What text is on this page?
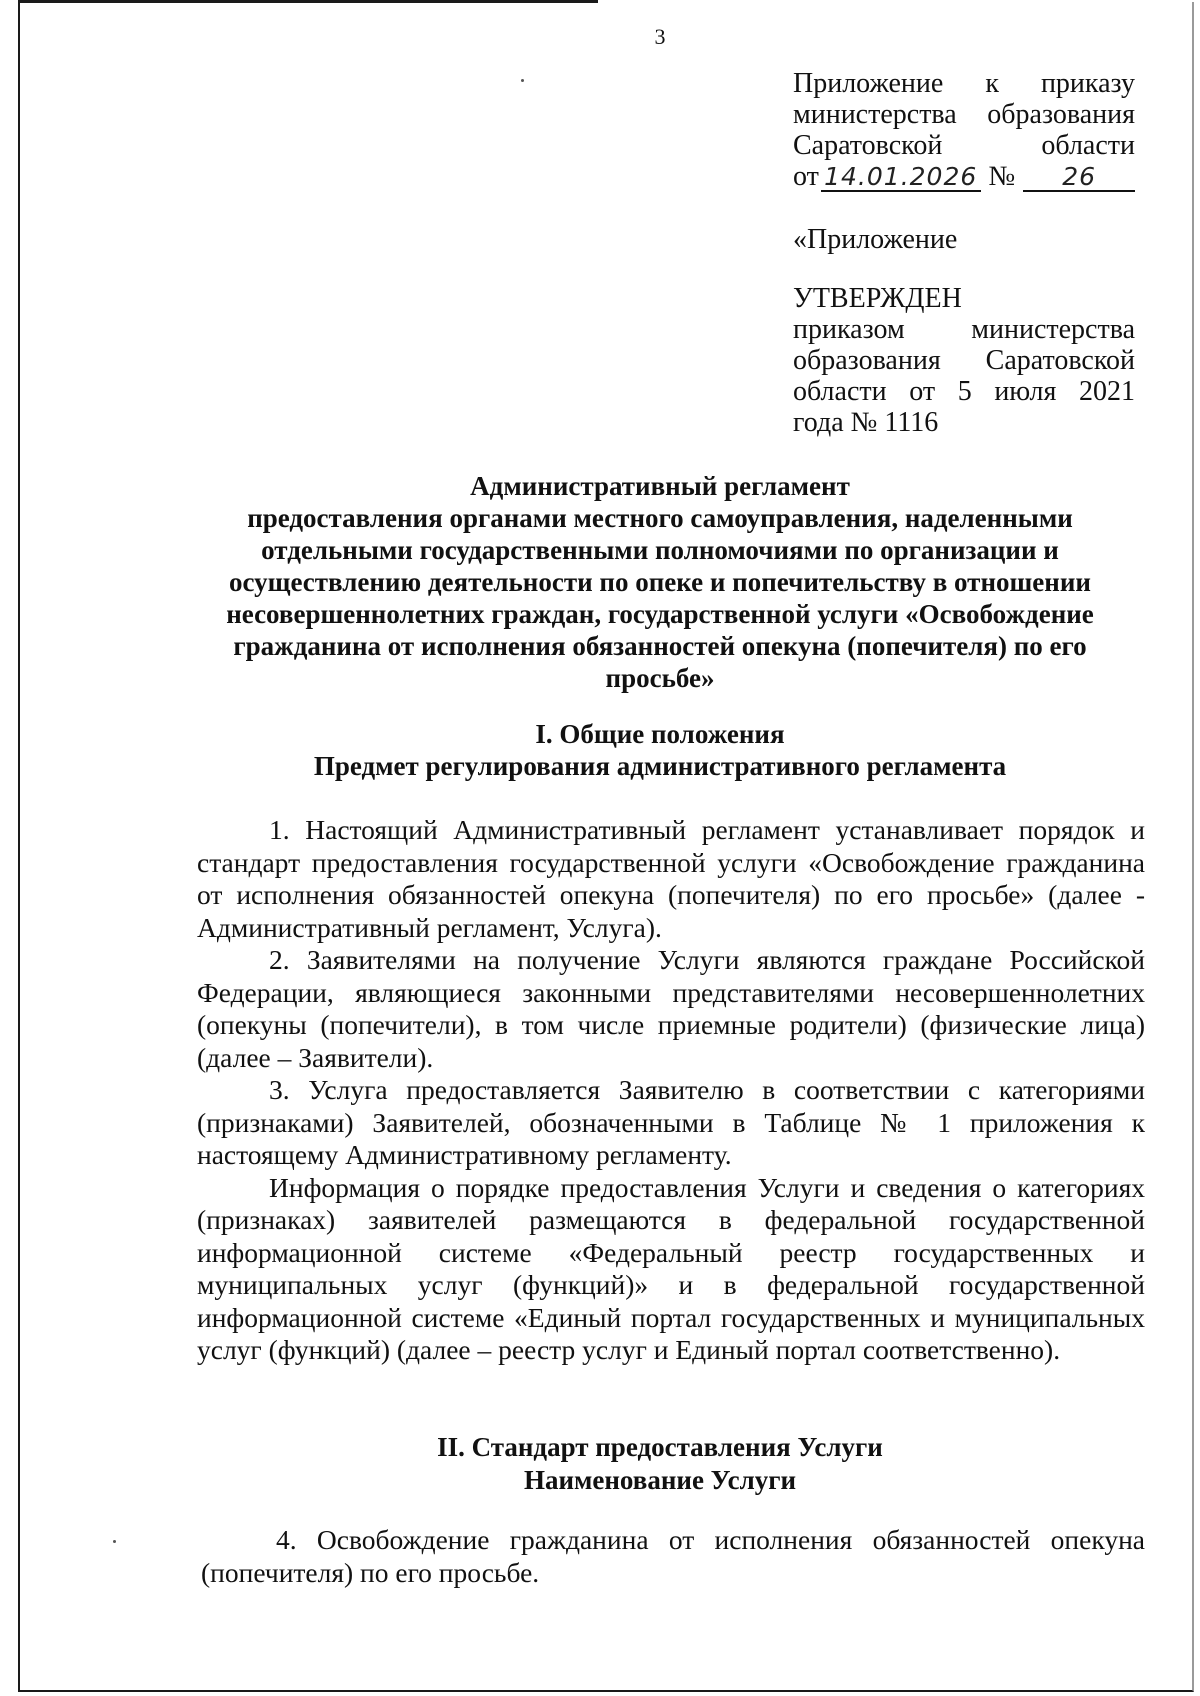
3
Приложение к приказу
министерства образования
Саратовской области
от 14.01.2026 №	26
«Приложение
УТВЕРЖДЕН
приказом министерства
образования Саратовской
области от 5 июля 2021
года № 1116
Административный регламент
предоставления органами местного самоуправления, наделенными
отдельными государственными полномочиями по организации и
осуществлению деятельности по опеке и попечительству в отношении
несовершеннолетних граждан, государственной услуги «Освобождение
гражданина от исполнения обязанностей опекуна (попечителя) по его
просьбе»
I. Общие положения
Предмет регулирования административного регламента

1. Настоящий Административный регламент устанавливает порядок и стандарт предоставления государственной услуги «Освобождение гражданина от исполнения обязанностей опекуна (попечителя) по его просьбе» (далее - Административный регламент, Услуга).

2. Заявителями на получение Услуги являются граждане Российской Федерации, являющиеся законными представителями несовершеннолетних (опекуны (попечители), в том числе приемные родители) (физические лица) (далее – Заявители).

3. Услуга предоставляется Заявителю в соответствии с категориями (признаками) Заявителей, обозначенными в Таблице № 1 приложения к настоящему Административному регламенту.

Информация о порядке предоставления Услуги и сведения о категориях (признаках) заявителей размещаются в федеральной государственной информационной системе «Федеральный реестр государственных и муниципальных услуг (функций)» и в федеральной государственной информационной системе «Единый портал государственных и муниципальных услуг (функций) (далее – реестр услуг и Единый портал соответственно).

II. Стандарт предоставления Услуги
Наименование Услуги

4. Освобождение гражданина от исполнения обязанностей опекуна (попечителя) по его просьбе.
